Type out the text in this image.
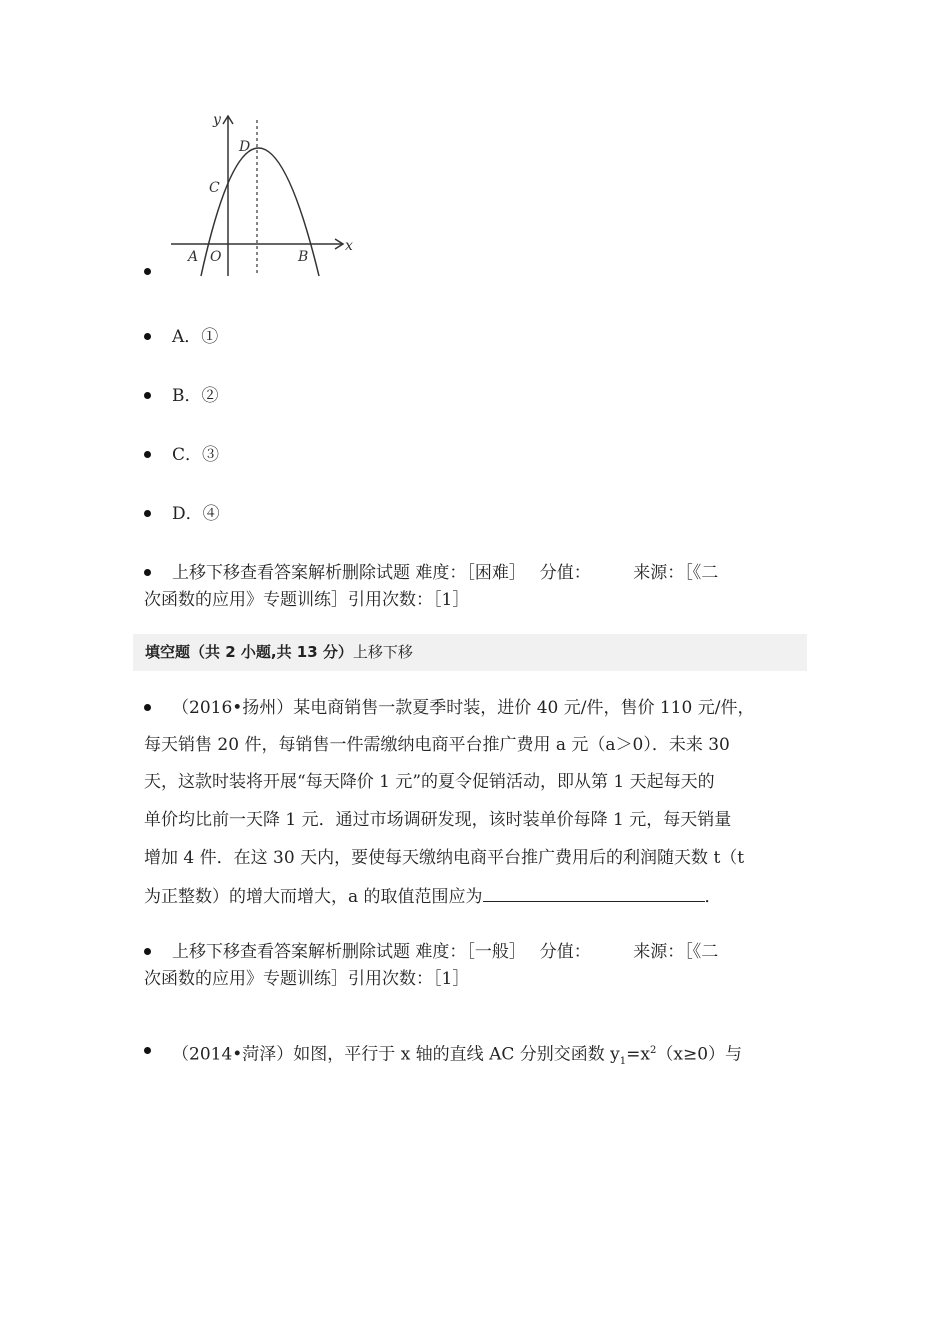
y
x
D
C
A O	B
A．①
B．②
C．③
D．④
上移下移查看答案解析删除试题 难度：［困难］　 分值：　　　来源：［《二
次函数的应用》专题训练］引用次数：［1］
填空题（共 2 小题,共 13 分）上移下移
（2016•扬州）某电商销售一款夏季时装，进价 40 元/件，售价 110 元/件，
每天销售 20 件，每销售一件需缴纳电商平台推广费用 a 元（a＞0）．未来 30
天，这款时装将开展“每天降价 1 元”的夏令促销活动，即从第 1 天起每天的
单价均比前一天降 1 元．通过市场调研发现，该时装单价每降 1 元，每天销量
增加 4 件．在这 30 天内，要使每天缴纳电商平台推广费用后的利润随天数 t（t
为正整数）的增大而增大，a 的取值范围应为	．
上移下移查看答案解析删除试题 难度：［一般］　 分值：　　　来源：［《二
次函数的应用》专题训练］引用次数：［1］
（2014•菏泽）如图，平行于 x 轴的直线 AC 分别交函数 $y_1=x^2(x\ge 0)$与
